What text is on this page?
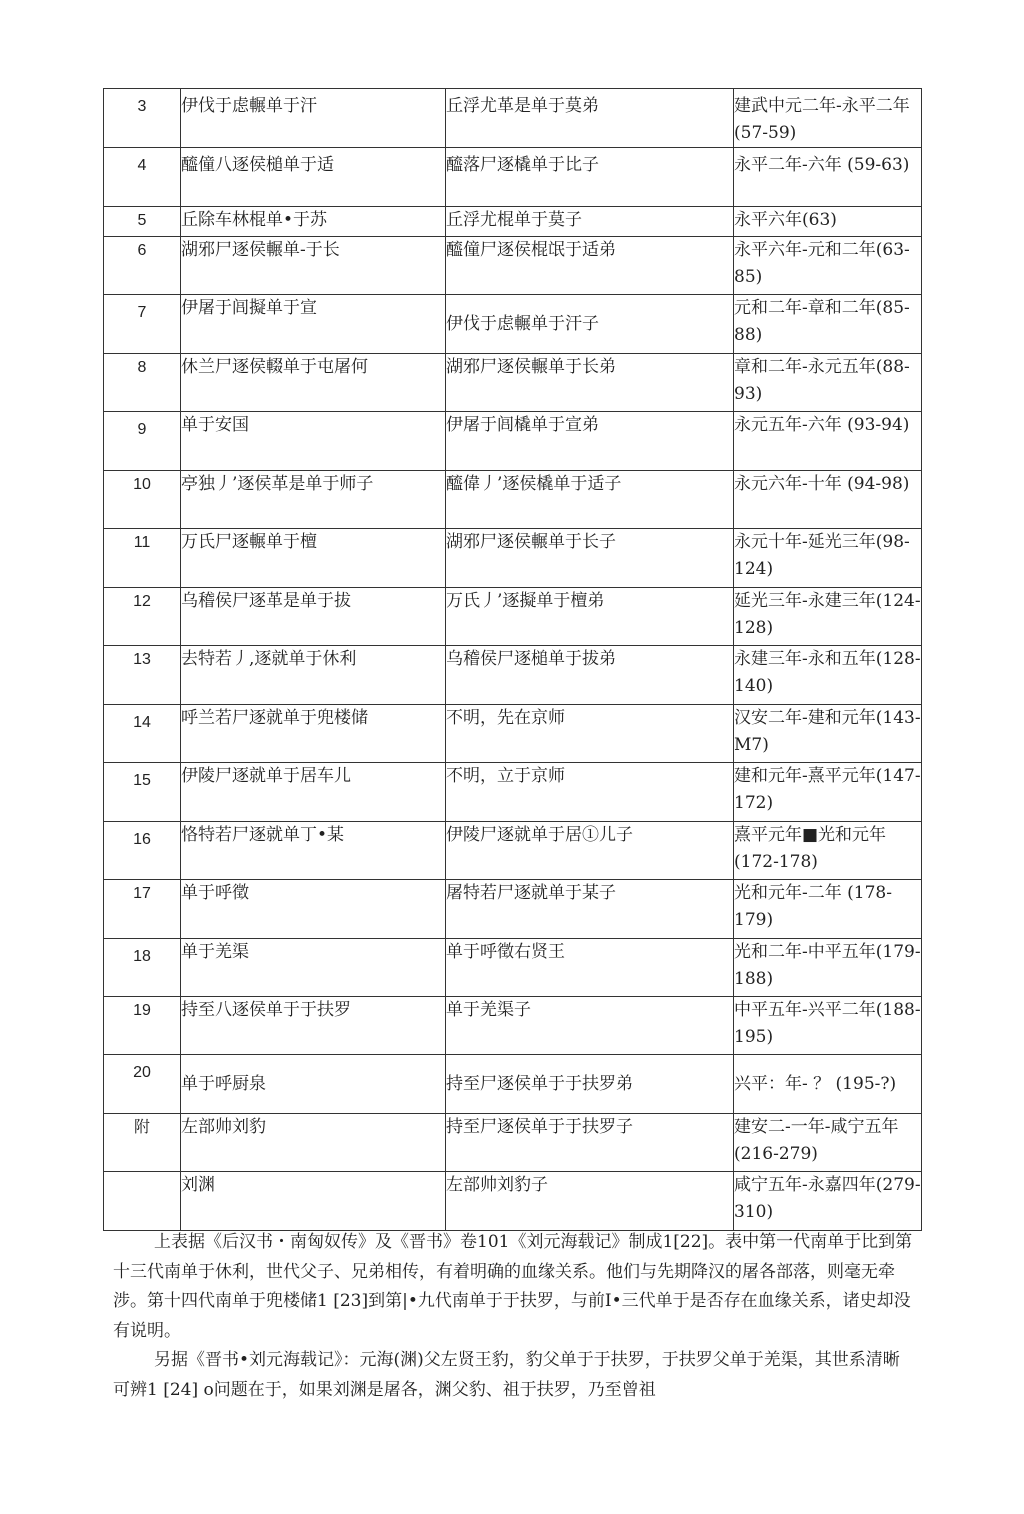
3	伊伐于虑輾单于汗	丘浮尤革是单于莫弟	建武中元二年-永平二年(57-59)
4	醯僮八逐侯槌单于适	醯落尸逐橇单于比子	永平二年-六年 (59-63)
5	丘除车林棍单•于苏	丘浮尤棍单于莫子	永平六年(63)
6	湖邪尸逐侯輾单-于长	醯僮尸逐侯棍氓于适弟	永平六年-元和二年(63-85)
7	伊屠于闾擬单于宣	伊伐于虑輾单于汗子	元和二年-章和二年(85-88)
8	休兰尸逐侯輟单于屯屠何	湖邪尸逐侯輾单于长弟	章和二年-永元五年(88-93)
9	单于安国	伊屠于闾橇单于宣弟	永元五年-六年 (93-94)
10	亭独丿’逐侯革是单于师子	醯偉丿’逐侯橇单于适子	永元六年-十年 (94-98)
11	万氏尸逐輾单于檀	湖邪尸逐侯輾单于长子	永元十年-延光三年(98-124)
12	乌稽侯尸逐革是单于拔	万氏丿’逐擬单于檀弟	延光三年-永建三年(124-128)
13	去特若丿,逐就单于休利	乌稽侯尸逐槌单于拔弟	永建三年-永和五年(128-140)
14	呼兰若尸逐就单于兜楼储	不明，先在京师	汉安二年-建和元年(143-M7)
15	伊陵尸逐就单于居车儿	不明，立于京师	建和元年-熹平元年(147-172)
16	恪特若尸逐就单丁•某	伊陵尸逐就单于居①儿子	熹平元年■光和元年(172-178)
17	单于呼徵	屠特若尸逐就单于某子	光和元年-二年 (178-179)
18	单于羌渠	单于呼徵右贤王	光和二年-中平五年(179-188)
19	持至八逐侯单于于扶罗	单于羌渠子	中平五年-兴平二年(188-195)
20	单于呼厨泉	持至尸逐侯单于于扶罗弟	兴平：年- ？ (195-?)
附	左部帅刘豹	持至尸逐侯单于于扶罗子	建安二-一年-咸宁五年(216-279)
	刘渊	左部帅刘豹子	咸宁五年-永嘉四年(279-310)

上表据《后汉书・南匈奴传》及《晋书》卷101《刘元海载记》制成1[22]。表中第一代南单于比到第十三代南单于休利，世代父子、兄弟相传，有着明确的血缘关系。他们与先期降汉的屠各部落，则毫无牵涉。第十四代南单于兜楼储1 [23]到第|•九代南单于于扶罗，与前I•三代单于是否存在血缘关系，诸史却没有说明。

另据《晋书•刘元海载记》：元海(渊)父左贤王豹，豹父单于于扶罗，于扶罗父单于羌渠，其世系清晰可辨1 [24] o问题在于，如果刘渊是屠各，渊父豹、祖于扶罗，乃至曾祖
